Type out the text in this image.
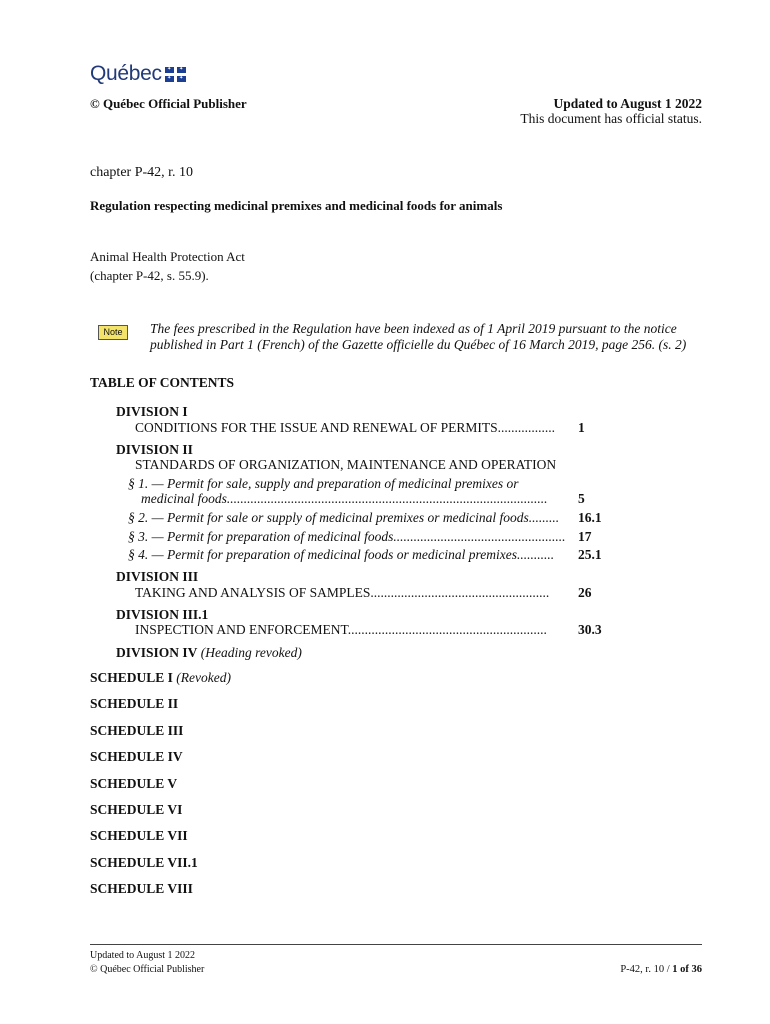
Québec ✦ ✦
✦ ✦
© Québec Official Publisher	Updated to August 1 2022
This document has official status.
chapter P-42, r. 10
Regulation respecting medicinal premixes and medicinal foods for animals
Animal Health Protection Act
(chapter P-42, s. 55.9).
Note	The fees prescribed in the Regulation have been indexed as of 1 April 2019 pursuant to the notice
published in Part 1 (French) of the Gazette officielle du Québec of 16 March 2019, page 256. (s. 2)
TABLE OF CONTENTS
DIVISION I
CONDITIONS FOR THE ISSUE AND RENEWAL OF PERMITS................. 1
DIVISION II
STANDARDS OF ORGANIZATION, MAINTENANCE AND OPERATION
§ 1. — Permit for sale, supply and preparation of medicinal premixes or
medicinal foods...............................................................................................	5
§ 2. — Permit for sale or supply of medicinal premixes or medicinal foods.........	16.1
§ 3. — Permit for preparation of medicinal foods................................................... 17
§ 4. — Permit for preparation of medicinal foods or medicinal premixes...........	25.1
DIVISION III
TAKING AND ANALYSIS OF SAMPLES.....................................................	26
DIVISION III.1
INSPECTION AND ENFORCEMENT...........................................................	30.3
DIVISION IV (Heading revoked)
SCHEDULE I (Revoked)
SCHEDULE II
SCHEDULE III
SCHEDULE IV
SCHEDULE V
SCHEDULE VI
SCHEDULE VII
SCHEDULE VII.1
SCHEDULE VIII
Updated to August 1 2022
© Québec Official Publisher	P-42, r. 10 / 1 of 36
